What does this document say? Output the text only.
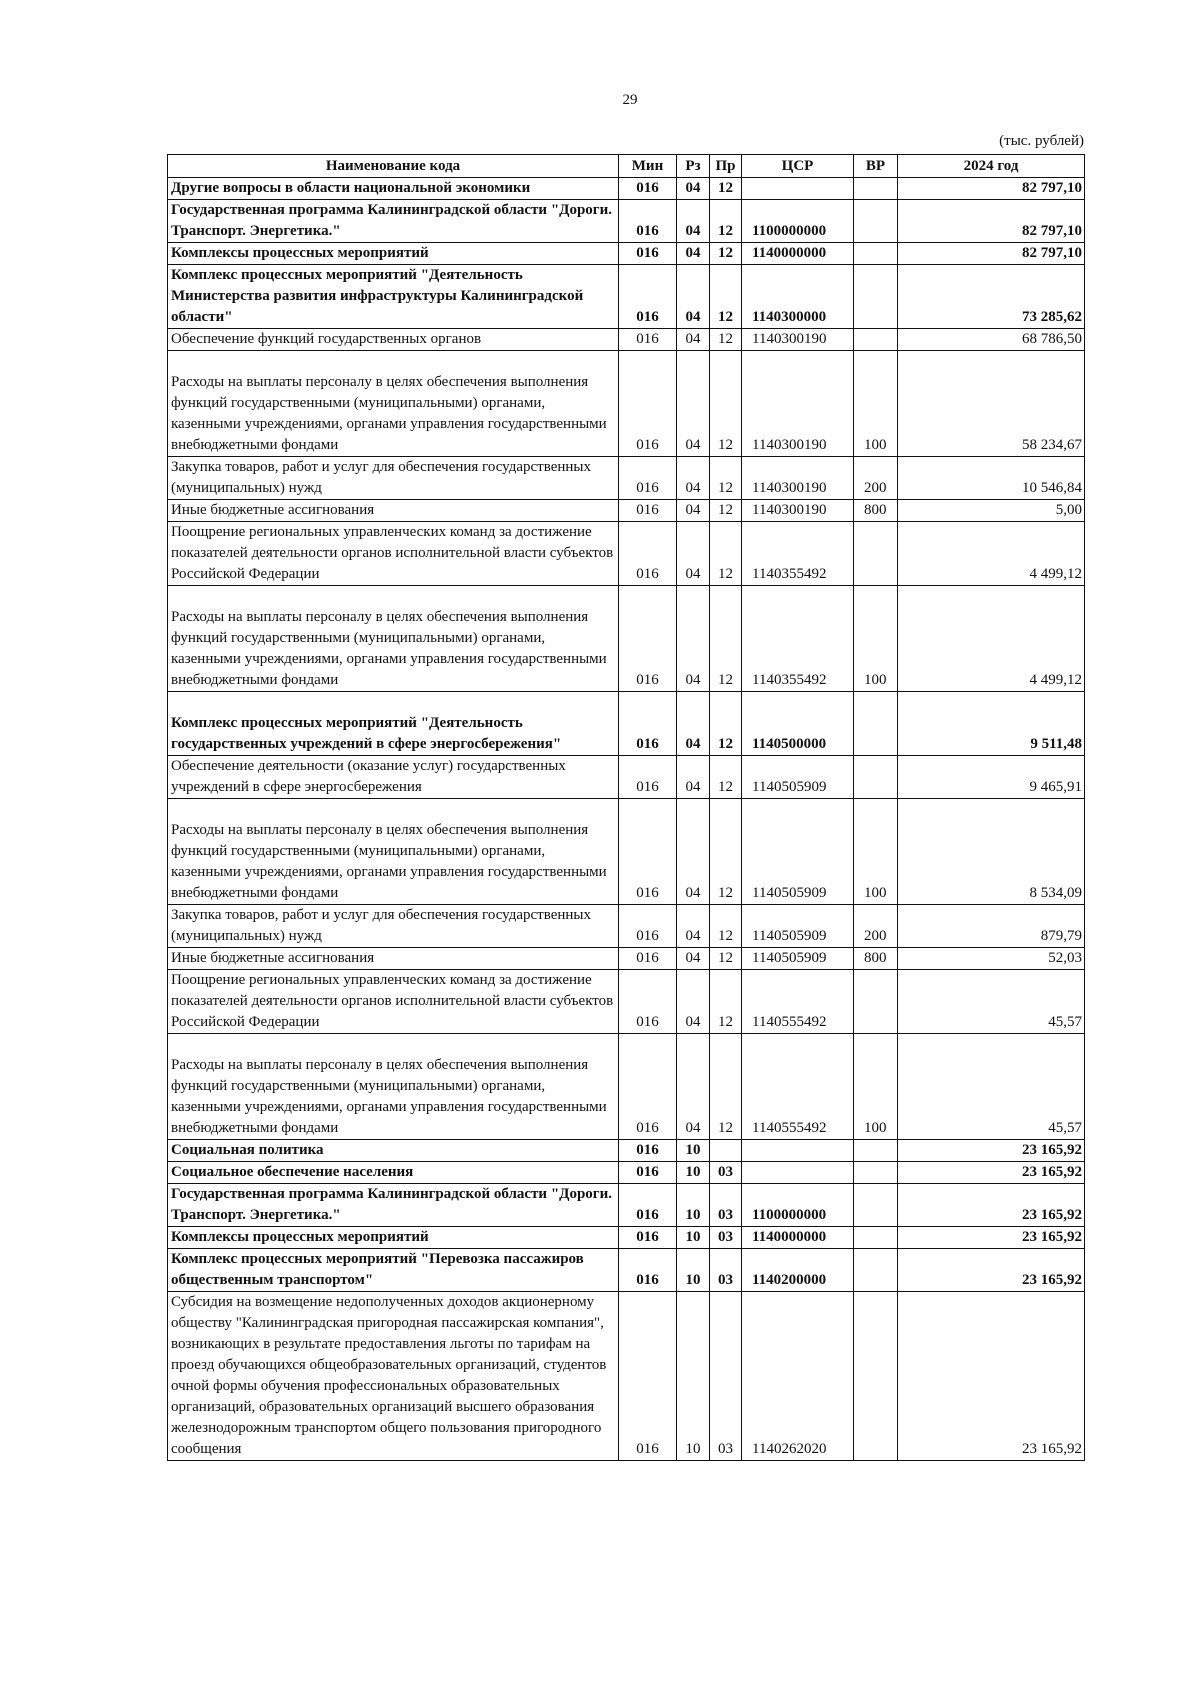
29
(тыс. рублей)
Наименование кода	Мин	Рз	Пр	ЦСР	ВР	2024 год
Другие вопросы в области национальной экономики	016	04	12			82 797,10
Государственная программа Калининградской области "Дороги. Транспорт. Энергетика."	016	04	12	1100000000		82 797,10
Комплексы процессных мероприятий	016	04	12	1140000000		82 797,10
Комплекс процессных мероприятий "Деятельность Министерства развития инфраструктуры Калининградской области"	016	04	12	1140300000		73 285,62
Обеспечение функций государственных органов	016	04	12	1140300190		68 786,50
Расходы на выплаты персоналу в целях обеспечения выполнения функций государственными (муниципальными) органами, казенными учреждениями, органами управления государственными внебюджетными фондами	016	04	12	1140300190	100	58 234,67
Закупка товаров, работ и услуг для обеспечения государственных (муниципальных) нужд	016	04	12	1140300190	200	10 546,84
Иные бюджетные ассигнования	016	04	12	1140300190	800	5,00
Поощрение региональных управленческих команд за достижение показателей деятельности органов исполнительной власти субъектов Российской Федерации	016	04	12	1140355492		4 499,12
Расходы на выплаты персоналу в целях обеспечения выполнения функций государственными (муниципальными) органами, казенными учреждениями, органами управления государственными внебюджетными фондами	016	04	12	1140355492	100	4 499,12
Комплекс процессных мероприятий "Деятельность государственных учреждений в сфере энергосбережения"	016	04	12	1140500000		9 511,48
Обеспечение деятельности (оказание услуг) государственных учреждений в сфере энергосбережения	016	04	12	1140505909		9 465,91
Расходы на выплаты персоналу в целях обеспечения выполнения функций государственными (муниципальными) органами, казенными учреждениями, органами управления государственными внебюджетными фондами	016	04	12	1140505909	100	8 534,09
Закупка товаров, работ и услуг для обеспечения государственных (муниципальных) нужд	016	04	12	1140505909	200	879,79
Иные бюджетные ассигнования	016	04	12	1140505909	800	52,03
Поощрение региональных управленческих команд за достижение показателей деятельности органов исполнительной власти субъектов Российской Федерации	016	04	12	1140555492		45,57
Расходы на выплаты персоналу в целях обеспечения выполнения функций государственными (муниципальными) органами, казенными учреждениями, органами управления государственными внебюджетными фондами	016	04	12	1140555492	100	45,57
Социальная политика	016	10				23 165,92
Социальное обеспечение населения	016	10	03			23 165,92
Государственная программа Калининградской области "Дороги. Транспорт. Энергетика."	016	10	03	1100000000		23 165,92
Комплексы процессных мероприятий	016	10	03	1140000000		23 165,92
Комплекс процессных мероприятий "Перевозка пассажиров общественным транспортом"	016	10	03	1140200000		23 165,92
Субсидия на возмещение недополученных доходов акционерному обществу "Калининградская пригородная пассажирская компания", возникающих в результате предоставления льготы по тарифам на проезд обучающихся общеобразовательных организаций, студентов очной формы обучения профессиональных образовательных организаций, образовательных организаций высшего образования железнодорожным транспортом общего пользования пригородного сообщения	016	10	03	1140262020		23 165,92
